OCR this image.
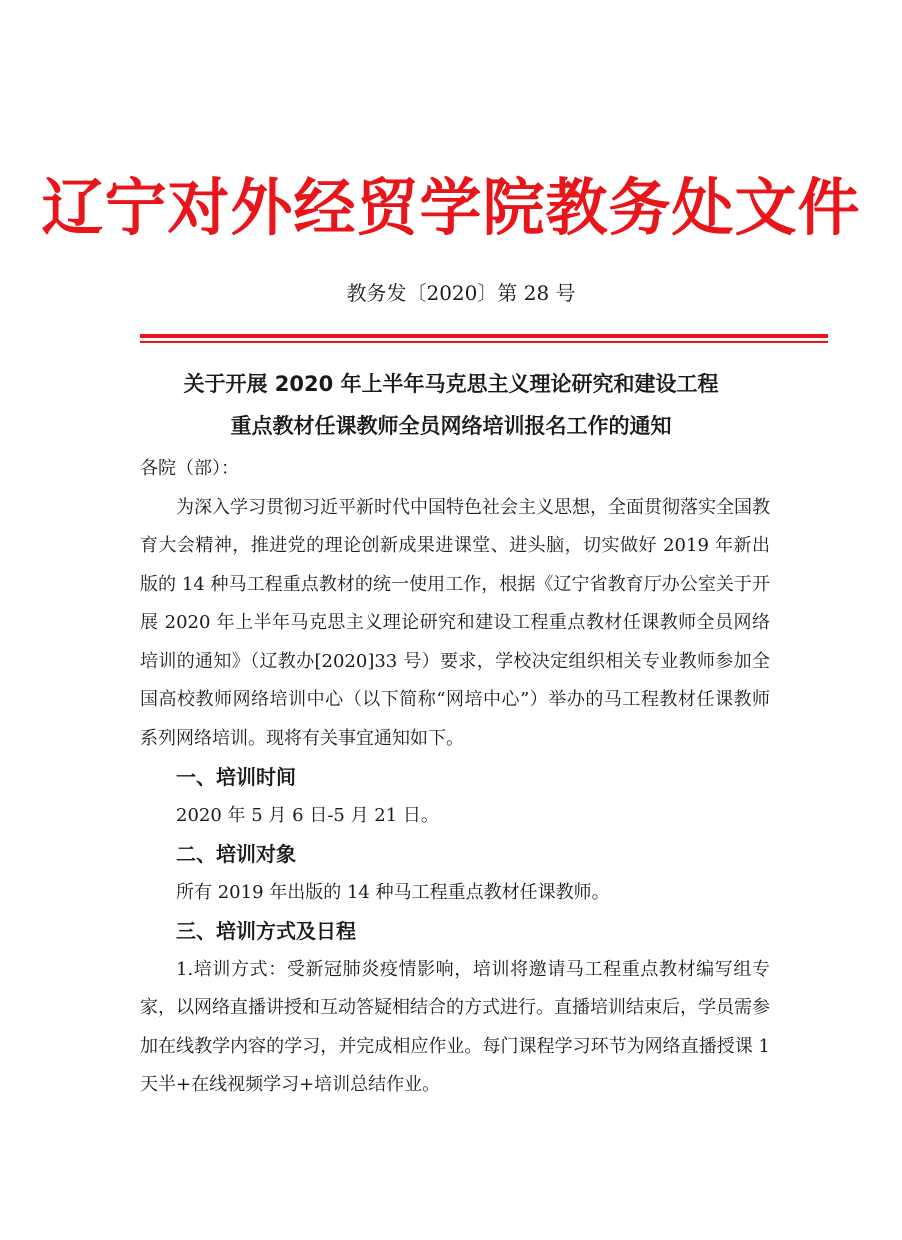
辽宁对外经贸学院教务处文件
教务发〔2020〕第 28 号
关于开展 2020 年上半年马克思主义理论研究和建设工程
重点教材任课教师全员网络培训报名工作的通知

各院（部）：

为深入学习贯彻习近平新时代中国特色社会主义思想，全面贯彻落实全国教育大会精神，推进党的理论创新成果进课堂、进头脑，切实做好 2019 年新出版的 14 种马工程重点教材的统一使用工作，根据《辽宁省教育厅办公室关于开展 2020 年上半年马克思主义理论研究和建设工程重点教材任课教师全员网络培训的通知》（辽教办[2020]33 号）要求，学校决定组织相关专业教师参加全国高校教师网络培训中心（以下简称“网培中心”）举办的马工程教材任课教师系列网络培训。现将有关事宜通知如下。

一、培训时间

2020 年 5 月 6 日-5 月 21 日。

二、培训对象

所有 2019 年出版的 14 种马工程重点教材任课教师。

三、培训方式及日程

1.培训方式：受新冠肺炎疫情影响，培训将邀请马工程重点教材编写组专家，以网络直播讲授和互动答疑相结合的方式进行。直播培训结束后，学员需参加在线教学内容的学习，并完成相应作业。每门课程学习环节为网络直播授课 1 天半+在线视频学习+培训总结作业。
